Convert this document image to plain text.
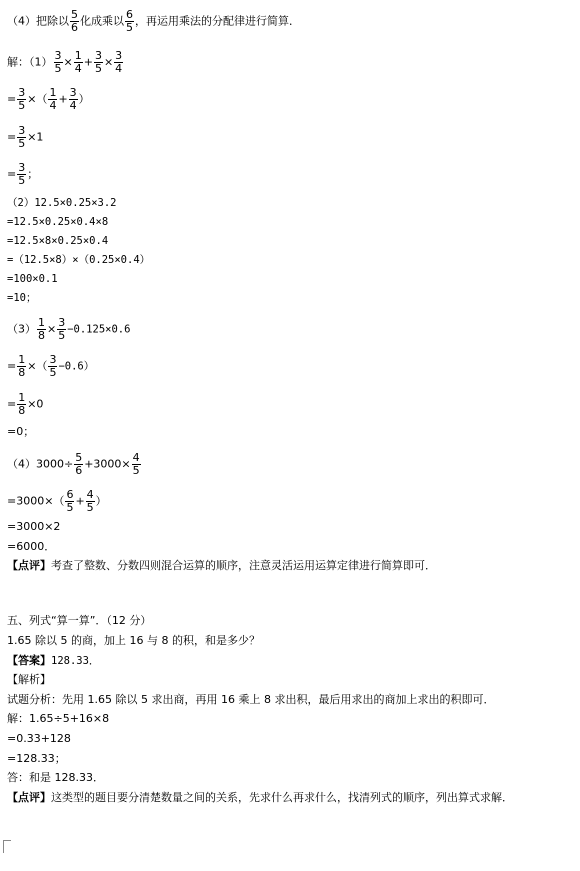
（4）把除以 $\frac{5}{6}$ 化成乘以 $\frac{6}{5}$ ，再运用乘法的分配律进行简算．
解：$(1) \frac{3}{5} \times \frac{1}{4} + \frac{3}{5} \times \frac{3}{4}$
= $\frac{3}{5}$ ×（ $\frac{1}{4} + \frac{3}{4}$ ）
= $\frac{3}{5} \times 1$
= $\frac{3}{5}$ ；
（2）12.5×0.25×3.2
=12.5×0.25×0.4×8
=12.5×8×0.25×0.4
=（12.5×8）×（0.25×0.4）
=100×0.1
=10；
$(3) \frac{1}{8} \times \frac{3}{5} -0.125\times 0.6$
= $\frac{1}{8}$ ×（ $\frac{3}{5} -0.6$）
= $\frac{1}{8} \times 0$
=0；
$(4)3000\div \frac{5}{6} +3000\times \frac{4}{5}$
$=3000\times( \frac{6}{5} + \frac{4}{5}$ ）
=3000×2
=6000．
【点评】考查了整数、分数四则混合运算的顺序，注意灵活运用运算定律进行简算即可．
五、列式“算一算”．（12 分）
1.65 除以 5 的商，加上 16 与 8 的积，和是多少？
【答案】128.33．
【解析】
试题分析：先用 1.65 除以 5 求出商，再用 16 乘上 8 求出积，最后用求出的商加上求出的积即可．
解：1.65÷5+16×8
=0.33+128
=128.33；
答：和是 128.33．
【点评】这类型的题目要分清楚数量之间的关系，先求什么再求什么，找清列式的顺序，列出算式求解．
